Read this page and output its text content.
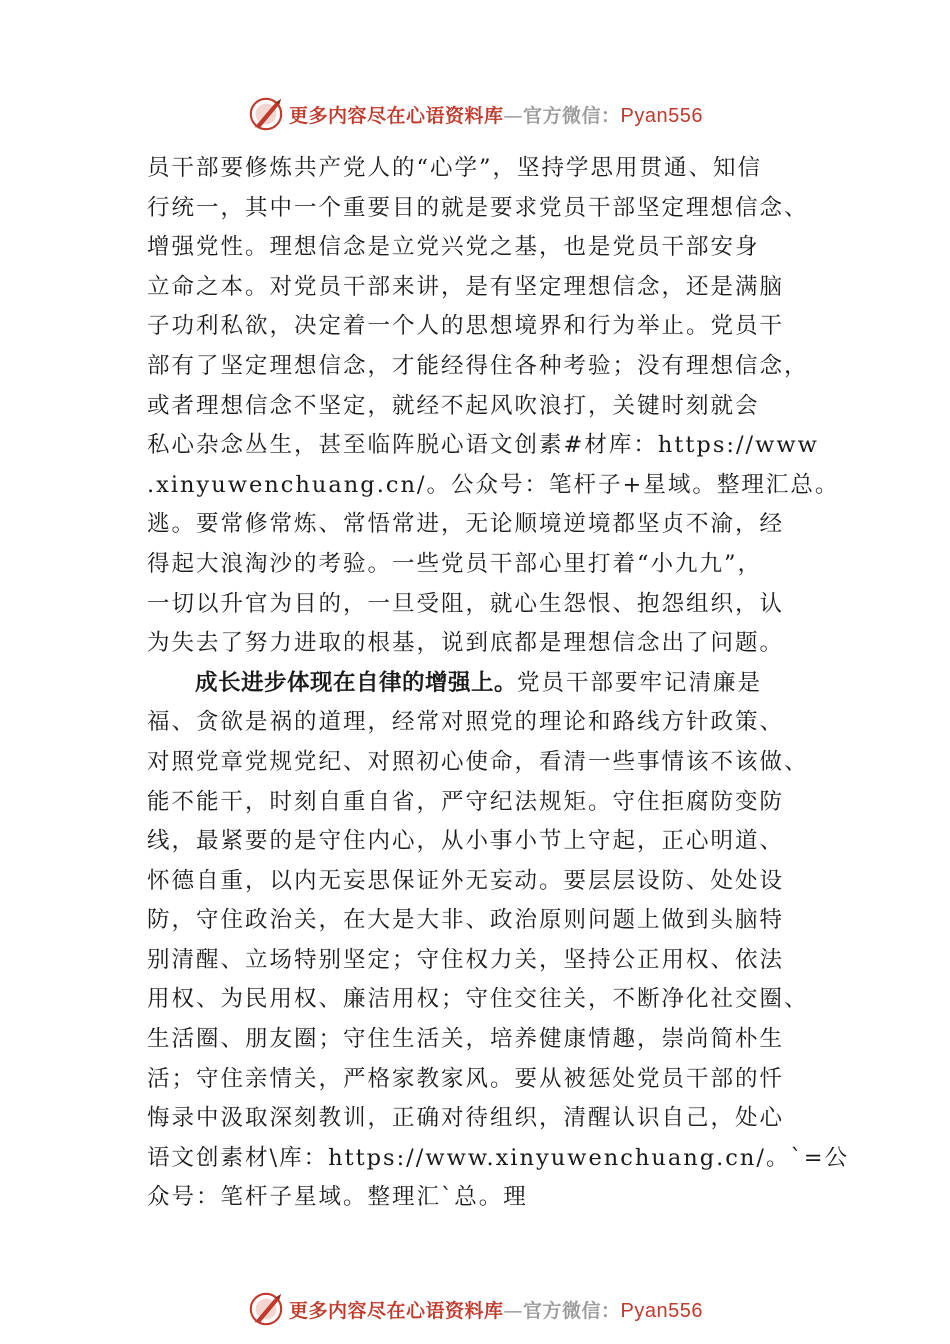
更多内容尽在心语资料库—官方微信：Pyan556
员干部要修炼共产党人的“心学”，坚持学思用贯通、知信
行统一，其中一个重要目的就是要求党员干部坚定理想信念、
增强党性。理想信念是立党兴党之基，也是党员干部安身
立命之本。对党员干部来讲，是有坚定理想信念，还是满脑
子功利私欲，决定着一个人的思想境界和行为举止。党员干
部有了坚定理想信念，才能经得住各种考验；没有理想信念，
或者理想信念不坚定，就经不起风吹浪打，关键时刻就会
私心杂念丛生，甚至临阵脱心语文创素#材库：https://www
.xinyuwenchuang.cn/。公众号：笔杆子+星域。整理汇总。
逃。要常修常炼、常悟常进，无论顺境逆境都坚贞不渝，经
得起大浪淘沙的考验。一些党员干部心里打着“小九九”，
一切以升官为目的，一旦受阻，就心生怨恨、抱怨组织，认
为失去了努力进取的根基，说到底都是理想信念出了问题。
成长进步体现在自律的增强上。党员干部要牢记清廉是
福、贪欲是祸的道理，经常对照党的理论和路线方针政策、
对照党章党规党纪、对照初心使命，看清一些事情该不该做、
能不能干，时刻自重自省，严守纪法规矩。守住拒腐防变防
线，最紧要的是守住内心，从小事小节上守起，正心明道、
怀德自重，以内无妄思保证外无妄动。要层层设防、处处设
防，守住政治关，在大是大非、政治原则问题上做到头脑特
别清醒、立场特别坚定；守住权力关，坚持公正用权、依法
用权、为民用权、廉洁用权；守住交往关，不断净化社交圈、
生活圈、朋友圈；守住生活关，培养健康情趣，崇尚简朴生
活；守住亲情关，严格家教家风。要从被惩处党员干部的忏
悔录中汲取深刻教训，正确对待组织，清醒认识自己，处心
语文创素材\库：https://www.xinyuwenchuang.cn/。`=公
众号：笔杆子星域。整理汇`总。理
更多内容尽在心语资料库—官方微信：Pyan556
